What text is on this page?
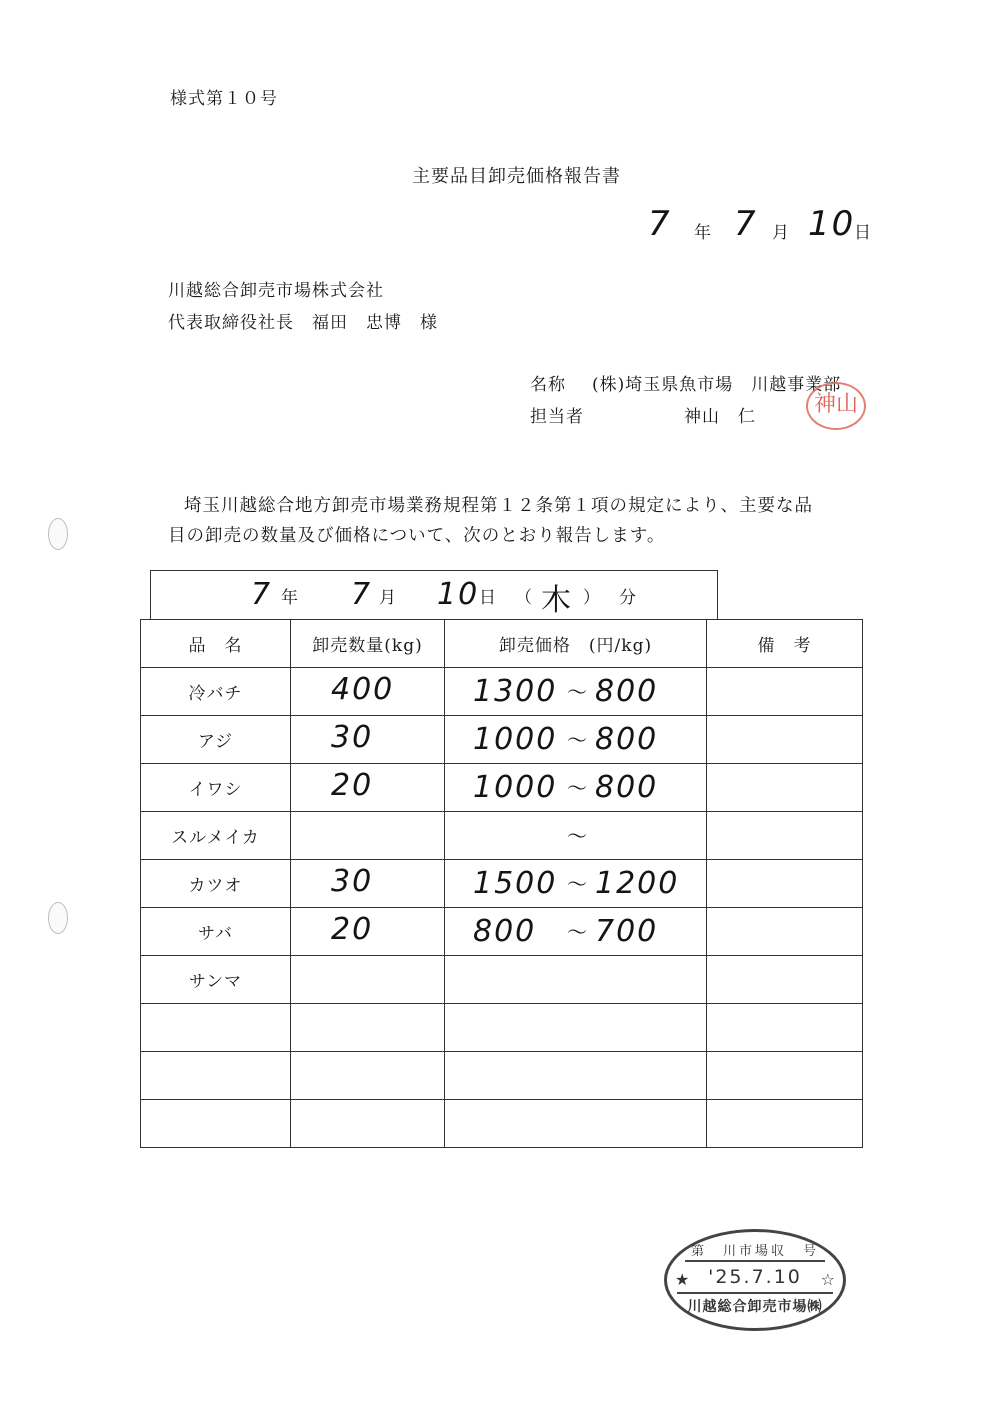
様式第１０号
主要品目卸売価格報告書
7 年 7 月 10
日
川越総合卸売市場株式会社
代表取締役社長　福田　忠博　様
名称 (株)埼玉県魚市場　川越事業部
担当者	神山　仁	神山
埼玉川越総合地方卸売市場業務規程第１２条第１項の規定により、主要な品
目の卸売の数量及び価格について、次のとおり報告します。
7 年 7 月 10 日 （ 木 ） 分
品　名	卸売数量(kg)	卸売価格　(円/kg)	備　考
冷バチ	400	1300 ～ 800	

アジ	30	1000 ～ 800	

イワシ	20	1000 ～ 800	

スルメイカ		～	

カツオ	30	1500 ～ 1200	

サバ	20	800 ～ 700	

サンマ			

第　川市場収　号
★ '25.7.10	☆
川越総合卸売市場㈱
